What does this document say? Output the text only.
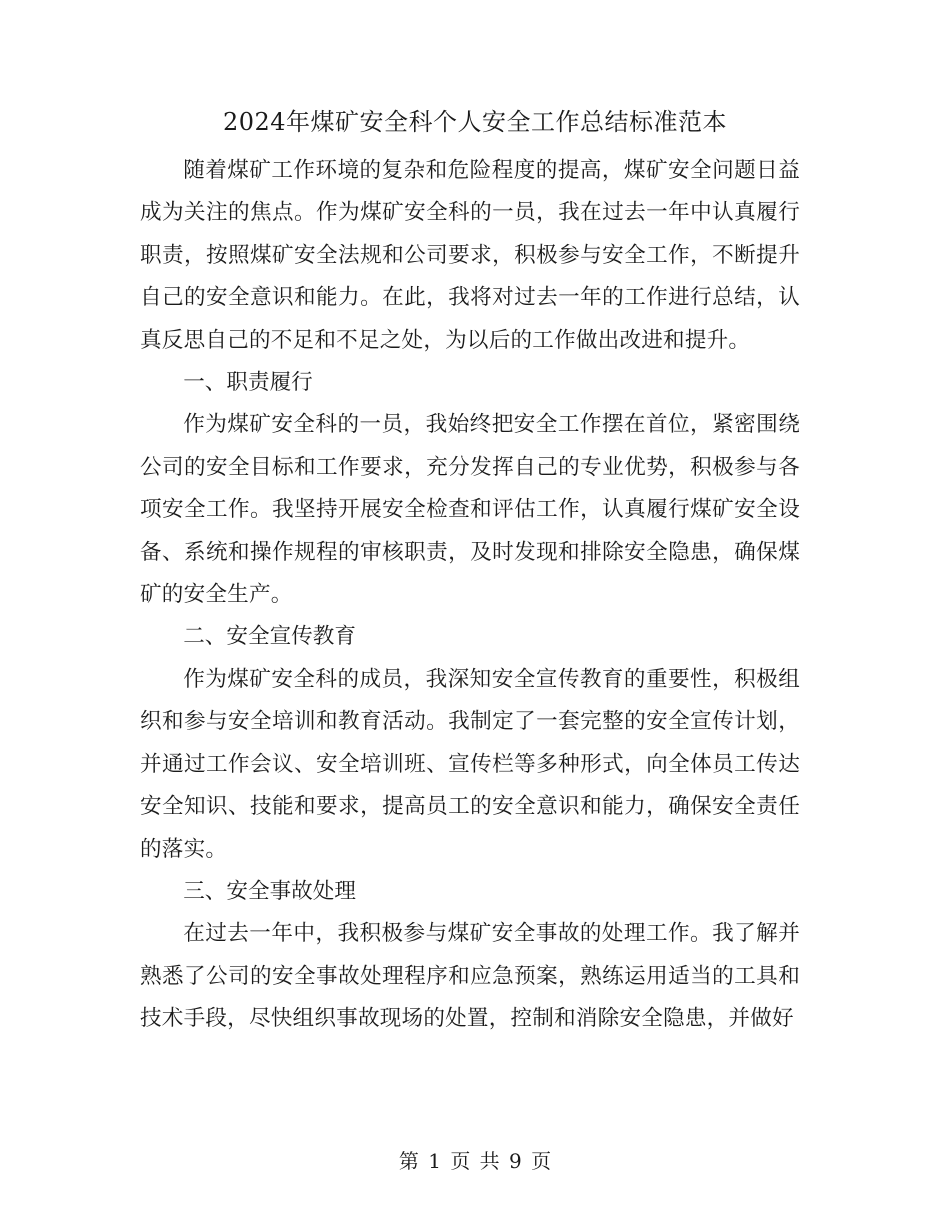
2024年煤矿安全科个人安全工作总结标准范本

随着煤矿工作环境的复杂和危险程度的提高，煤矿安全问题日益成为关注的焦点。作为煤矿安全科的一员，我在过去一年中认真履行职责，按照煤矿安全法规和公司要求，积极参与安全工作，不断提升自己的安全意识和能力。在此，我将对过去一年的工作进行总结，认真反思自己的不足和不足之处，为以后的工作做出改进和提升。

一、职责履行

作为煤矿安全科的一员，我始终把安全工作摆在首位，紧密围绕公司的安全目标和工作要求，充分发挥自己的专业优势，积极参与各项安全工作。我坚持开展安全检查和评估工作，认真履行煤矿安全设备、系统和操作规程的审核职责，及时发现和排除安全隐患，确保煤矿的安全生产。

二、安全宣传教育

作为煤矿安全科的成员，我深知安全宣传教育的重要性，积极组织和参与安全培训和教育活动。我制定了一套完整的安全宣传计划，并通过工作会议、安全培训班、宣传栏等多种形式，向全体员工传达安全知识、技能和要求，提高员工的安全意识和能力，确保安全责任的落实。

三、安全事故处理

在过去一年中，我积极参与煤矿安全事故的处理工作。我了解并熟悉了公司的安全事故处理程序和应急预案，熟练运用适当的工具和技术手段，尽快组织事故现场的处置，控制和消除安全隐患，并做好

第 1 页 共 9 页
